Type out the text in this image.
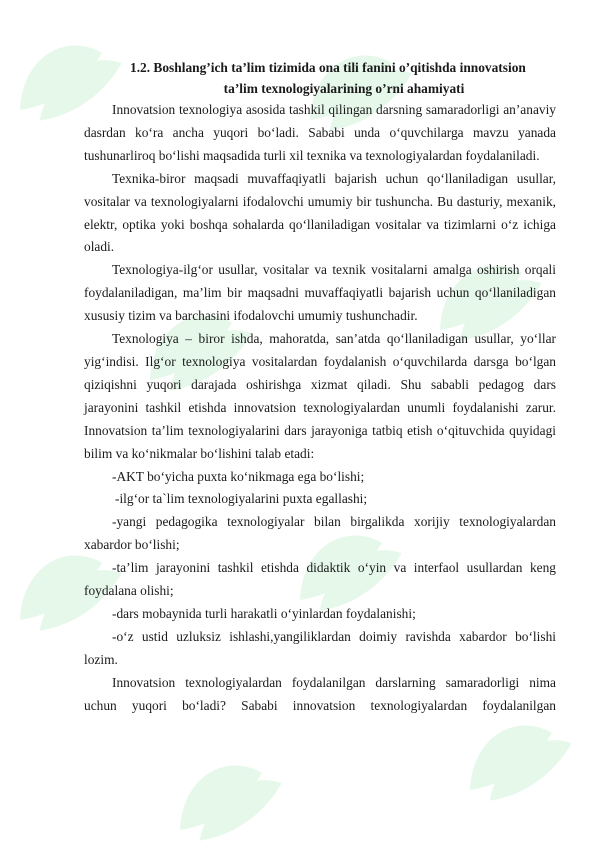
1.2. Boshlang’ich ta’lim tizimida ona tili fanini o’qitishda innovatsion
ta’lim texnologiyalarining o’rni ahamiyati

Innovatsion texnologiya asosida tashkil qilingan darsning samaradorligi an’anaviy dasrdan ko‘ra ancha yuqori bo‘ladi. Sababi unda o‘quvchilarga mavzu yanada tushunarliroq bo‘lishi maqsadida turli xil texnika va texnologiyalardan foydalaniladi.

Texnika-biror maqsadi muvaffaqiyatli bajarish uchun qo‘llaniladigan usullar, vositalar va texnologiyalarni ifodalovchi umumiy bir tushuncha. Bu dasturiy, mexanik, elektr, optika yoki boshqa sohalarda qo‘llaniladigan vositalar va tizimlarni o‘z ichiga oladi.

Texnologiya-ilg‘or usullar, vositalar va texnik vositalarni amalga oshirish orqali foydalaniladigan, ma’lim bir maqsadni muvaffaqiyatli bajarish uchun qo‘llaniladigan xususiy tizim va barchasini ifodalovchi umumiy tushunchadir.

Texnologiya – biror ishda, mahoratda, san’atda qo‘llaniladigan usullar, yo‘llar yig‘indisi. Ilg‘or texnologiya vositalardan foydalanish o‘quvchilarda darsga bo‘lgan qiziqishni yuqori darajada oshirishga xizmat qiladi. Shu sababli pedagog dars jarayonini tashkil etishda innovatsion texnologiyalardan unumli foydalanishi zarur. Innovatsion ta’lim texnologiyalarini dars jarayoniga tatbiq etish o‘qituvchida quyidagi bilim va ko‘nikmalar bo‘lishini talab etadi:

-AKT bo‘yicha puxta ko‘nikmaga ega bo‘lishi;

-ilg‘or ta`lim texnologiyalarini puxta egallashi;

-yangi pedagogika texnologiyalar bilan birgalikda xorijiy texnologiyalardan xabardor bo‘lishi;

-ta’lim jarayonini tashkil etishda didaktik o‘yin va interfaol usullardan keng foydalana olishi;

-dars mobaynida turli harakatli o‘yinlardan foydalanishi;

-o‘z ustid uzluksiz ishlashi,yangiliklardan doimiy ravishda xabardor bo‘lishi lozim.

Innovatsion texnologiyalardan foydalanilgan darslarning samaradorligi nima uchun yuqori bo‘ladi? Sababi innovatsion texnologiyalardan foydalanilgan
